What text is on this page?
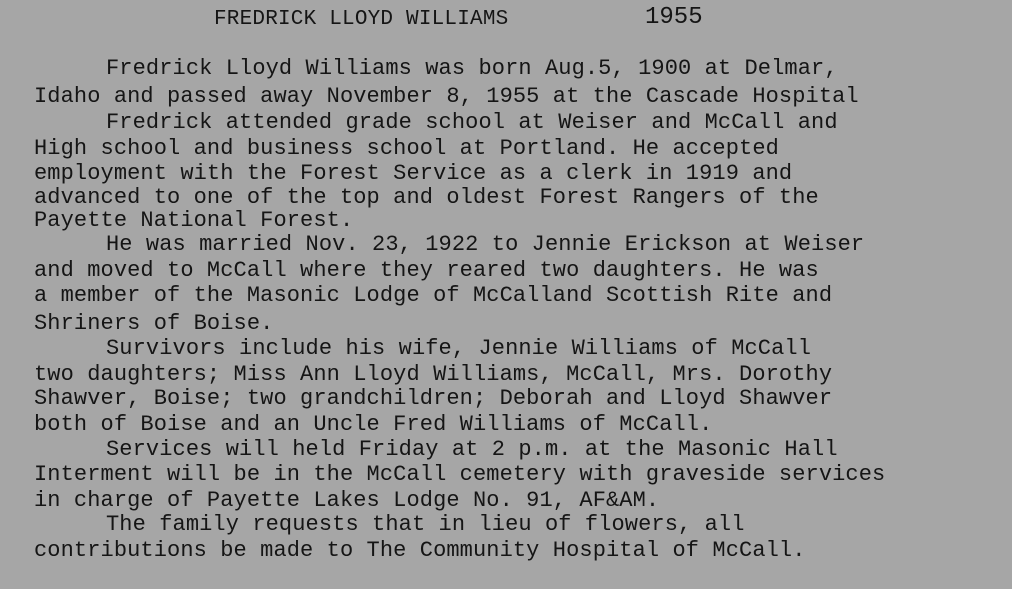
FREDRICK LLOYD WILLIAMS	1955
Fredrick Lloyd Williams was born Aug.5, 1900 at Delmar,
Idaho and passed away November 8, 1955 at the Cascade Hospital
Fredrick attended grade school at Weiser and McCall and
High school and business school at Portland. He accepted
employment with the Forest Service as a clerk in 1919 and
advanced to one of the top and oldest Forest Rangers of the
Payette National Forest.
He was married Nov. 23, 1922 to Jennie Erickson at Weiser
and moved to McCall where they reared two daughters. He was
a member of the Masonic Lodge of McCalland Scottish Rite and
Shriners of Boise.
Survivors include his wife, Jennie Williams of McCall
two daughters; Miss Ann Lloyd Williams, McCall, Mrs. Dorothy
Shawver, Boise; two grandchildren; Deborah and Lloyd Shawver
both of Boise and an Uncle Fred Williams of McCall.
Services will held Friday at 2 p.m. at the Masonic Hall
Interment will be in the McCall cemetery with graveside services
in charge of Payette Lakes Lodge No. 91, AF&AM.
The family requests that in lieu of flowers, all
contributions be made to The Community Hospital of McCall.
